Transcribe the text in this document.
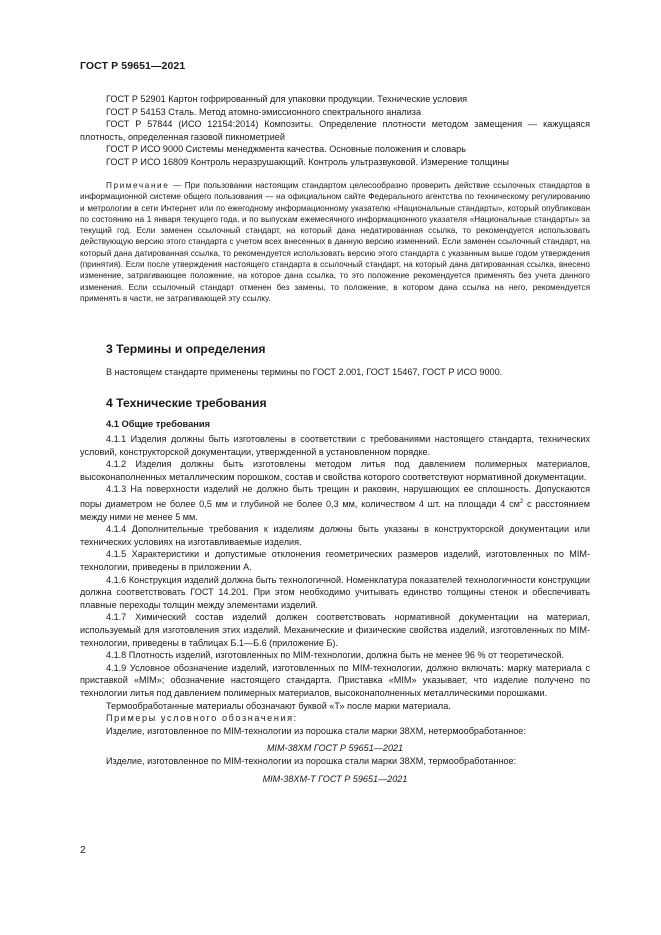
ГОСТ Р 59651—2021

ГОСТ Р 52901 Картон гофрированный для упаковки продукции. Технические условия

ГОСТ Р 54153 Сталь. Метод атомно-эмиссионного спектрального анализа

ГОСТ Р 57844 (ИСО 12154:2014) Композиты. Определение плотности методом замещения — кажущаяся плотность, определенная газовой пикнометрией

ГОСТ Р ИСО 9000 Системы менеджмента качества. Основные положения и словарь

ГОСТ Р ИСО 16809 Контроль неразрушающий. Контроль ультразвуковой. Измерение толщины

Примечание — При пользовании настоящим стандартом целесообразно проверить действие ссылочных стандартов в информационной системе общего пользования — на официальном сайте Федерального агентства по техническому регулированию и метрологии в сети Интернет или по ежегодному информационному указателю «Национальные стандарты», который опубликован по состоянию на 1 января текущего года, и по выпускам ежемесячного информационного указателя «Национальные стандарты» за текущий год. Если заменен ссылочный стандарт, на который дана недатированная ссылка, то рекомендуется использовать действующую версию этого стандарта с учетом всех внесенных в данную версию изменений. Если заменен ссылочный стандарт, на который дана датированная ссылка, то рекомендуется использовать версию этого стандарта с указанным выше годом утверждения (принятия). Если после утверждения настоящего стандарта в ссылочный стандарт, на который дана датированная ссылка, внесено изменение, затрагивающее положение, на которое дана ссылка, то это положение рекомендуется применять без учета данного изменения. Если ссылочный стандарт отменен без замены, то положение, в котором дана ссылка на него, рекомендуется применять в части, не затрагивающей эту ссылку.

3 Термины и определения

В настоящем стандарте применены термины по ГОСТ 2.001, ГОСТ 15467, ГОСТ Р ИСО 9000.

4 Технические требования

4.1 Общие требования

4.1.1 Изделия должны быть изготовлены в соответствии с требованиями настоящего стандарта, технических условий, конструкторской документации, утвержденной в установленном порядке.

4.1.2 Изделия должны быть изготовлены методом литья под давлением полимерных материалов, высоконаполненных металлическим порошком, состав и свойства которого соответствуют нормативной документации.

4.1.3 На поверхности изделий не должно быть трещин и раковин, нарушающих ее сплошность. Допускаются поры диаметром не более 0,5 мм и глубиной не более 0,3 мм, количеством 4 шт. на площади 4 $см^2$ с расстоянием между ними не менее 5 мм.

4.1.4 Дополнительные требования к изделиям должны быть указаны в конструкторской документации или технических условиях на изготавливаемые изделия.

4.1.5 Характеристики и допустимые отклонения геометрических размеров изделий, изготовленных по MIM-технологии, приведены в приложении А.

4.1.6 Конструкция изделий должна быть технологичной. Номенклатура показателей технологичности конструкции должна соответствовать ГОСТ 14.201. При этом необходимо учитывать единство толщины стенок и обеспечивать плавные переходы толщин между элементами изделий.

4.1.7 Химический состав изделий должен соответствовать нормативной документации на материал, используемый для изготовления этих изделий. Механические и физические свойства изделий, изготовленных по MIM-технологии, приведены в таблицах Б.1—Б.6 (приложение Б).

4.1.8 Плотность изделий, изготовленных по MIM-технологии, должна быть не менее 96 % от теоретической.

4.1.9 Условное обозначение изделий, изготовленных по MIM-технологии, должно включать: марку материала с приставкой «MIM»; обозначение настоящего стандарта. Приставка «MIM» указывает, что изделие получено по технологии литья под давлением полимерных материалов, высоконаполненных металлическими порошками.

Термообработанные материалы обозначают буквой «Т» после марки материала.

Примеры условного обозначения:

Изделие, изготовленное по MIM-технологии из порошка стали марки 38ХМ, нетермообработанное:

MIM-38ХМ ГОСТ Р 59651—2021

Изделие, изготовленное по MIM-технологии из порошка стали марки 38ХМ, термообработанное:

MIM-38ХМ-Т ГОСТ Р 59651—2021

2
